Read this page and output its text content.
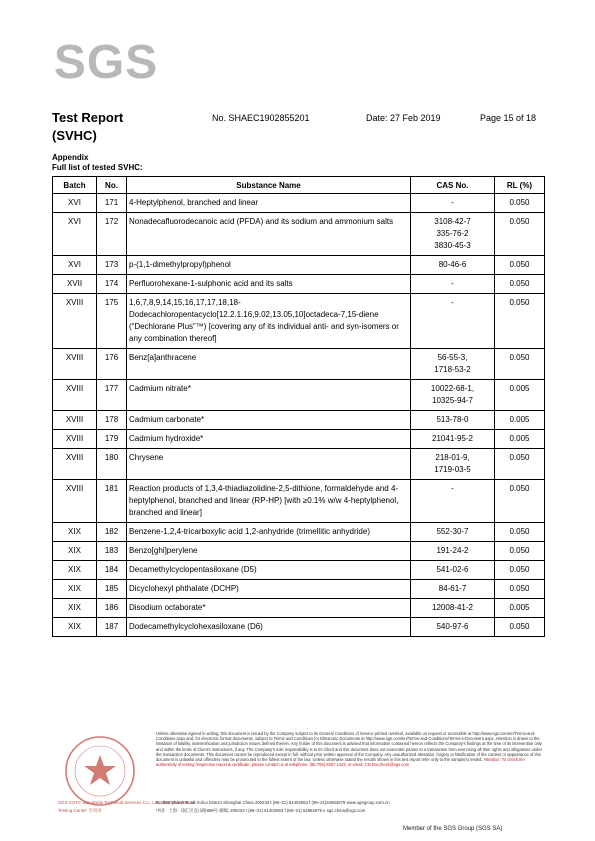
SGS
Test Report
(SVHC)
No. SHAEC1902855201	Date: 27 Feb 2019	Page 15 of 18
Appendix
Full list of tested SVHC:
Batch	No.	Substance Name	CAS No.	RL (%)
XVI	171	4-Heptylphenol, branched and linear	-	0.050
XVI	172	Nonadecafluorodecanoic acid (PFDA) and its sodium and ammonium salts	3108-42-7
335-76-2
3830-45-3	0.050
XVI	173	p-(1,1-dimethylpropyl)phenol	80-46-6	0.050
XVII	174	Perfluorohexane-1-sulphonic acid and its salts	-	0.050
XVIII	175	1,6,7,8,9,14,15,16,17,17,18,18-Dodecachloropentacyclo[12.2.1.16,9.02,13.05,10]octadeca-7,15-diene (“Dechlorane Plus”™) [covering any of its individual anti- and syn-isomers or any combination thereof]	-	0.050
XVIII	176	Benz[a]anthracene	56-55-3,
1718-53-2	0.050
XVIII	177	Cadmium nitrate*	10022-68-1,
10325-94-7	0.005
XVIII	178	Cadmium carbonate*	513-78-0	0.005
XVIII	179	Cadmium hydroxide*	21041-95-2	0.005
XVIII	180	Chrysene	218-01-9,
1719-03-5	0.050
XVIII	181	Reaction products of 1,3,4-thiadiazolidine-2,5-dithione, formaldehyde and 4-heptylphenol, branched and linear (RP-HP) [with ≥0.1% w/w 4-heptylphenol, branched and linear]	-	0.050
XIX	182	Benzene-1,2,4-tricarboxylic acid 1,2-anhydride (trimellitic anhydride)	552-30-7	0.050
XIX	183	Benzo[ghi]perylene	191-24-2	0.050
XIX	184	Decamethylcyclopentasiloxane (D5)	541-02-6	0.050
XIX	185	Dicyclohexyl phthalate (DCHP)	84-61-7	0.050
XIX	186	Disodium octaborate*	12008-41-2	0.005
XIX	187	Dodecamethylcyclohexasiloxane (D6)	540-97-6	0.050
Unless otherwise agreed in writing, this document is issued by the Company subject to its General Conditions of Service printed overleaf, available on request or accessible at http://www.sgs.com/en/Terms-and-Conditions.aspx and, for electronic format documents, subject to Terms and Conditions for Electronic Documents at http://www.sgs.com/en/Terms-and-Conditions/Terms-e-Document.aspx. Attention is drawn to the limitation of liability, indemnification and jurisdiction issues defined therein. Any holder of this document is advised that information contained hereon reflects the Company's findings at the time of its intervention only and within the limits of Client's instructions, if any. The Company's sole responsibility is to its Client and this document does not exonerate parties to a transaction from exercising all their rights and obligations under the transaction documents. This document cannot be reproduced except in full, without prior written approval of the Company. Any unauthorized alteration, forgery or falsification of the content or appearance of this document is unlawful and offenders may be prosecuted to the fullest extent of the law. Unless otherwise stated the results shown in this test report refer only to the sample(s) tested. Attention: To check the authenticity of testing /inspection report & certificate, please contact us at telephone: (86-755) 8307 1443, or email: CN.Doccheck@sgs.com
SGS-CSTC Standards Technical Services Co., Ltd. Shanghai Branch
Testing Center 专用章
No.889 Yishan Road Xuhui District Shanghai China 200233 t (86–21) 61402553 f (86–21)64953679 www.sgsgroup.com.cn
中国 · 上海 · 徐汇区宜山路889号 邮编: 200233 t (86–21) 61402553 f (86–21) 64953679 e sgs.china@sgs.com
Member of the SGS Group (SGS SA)
